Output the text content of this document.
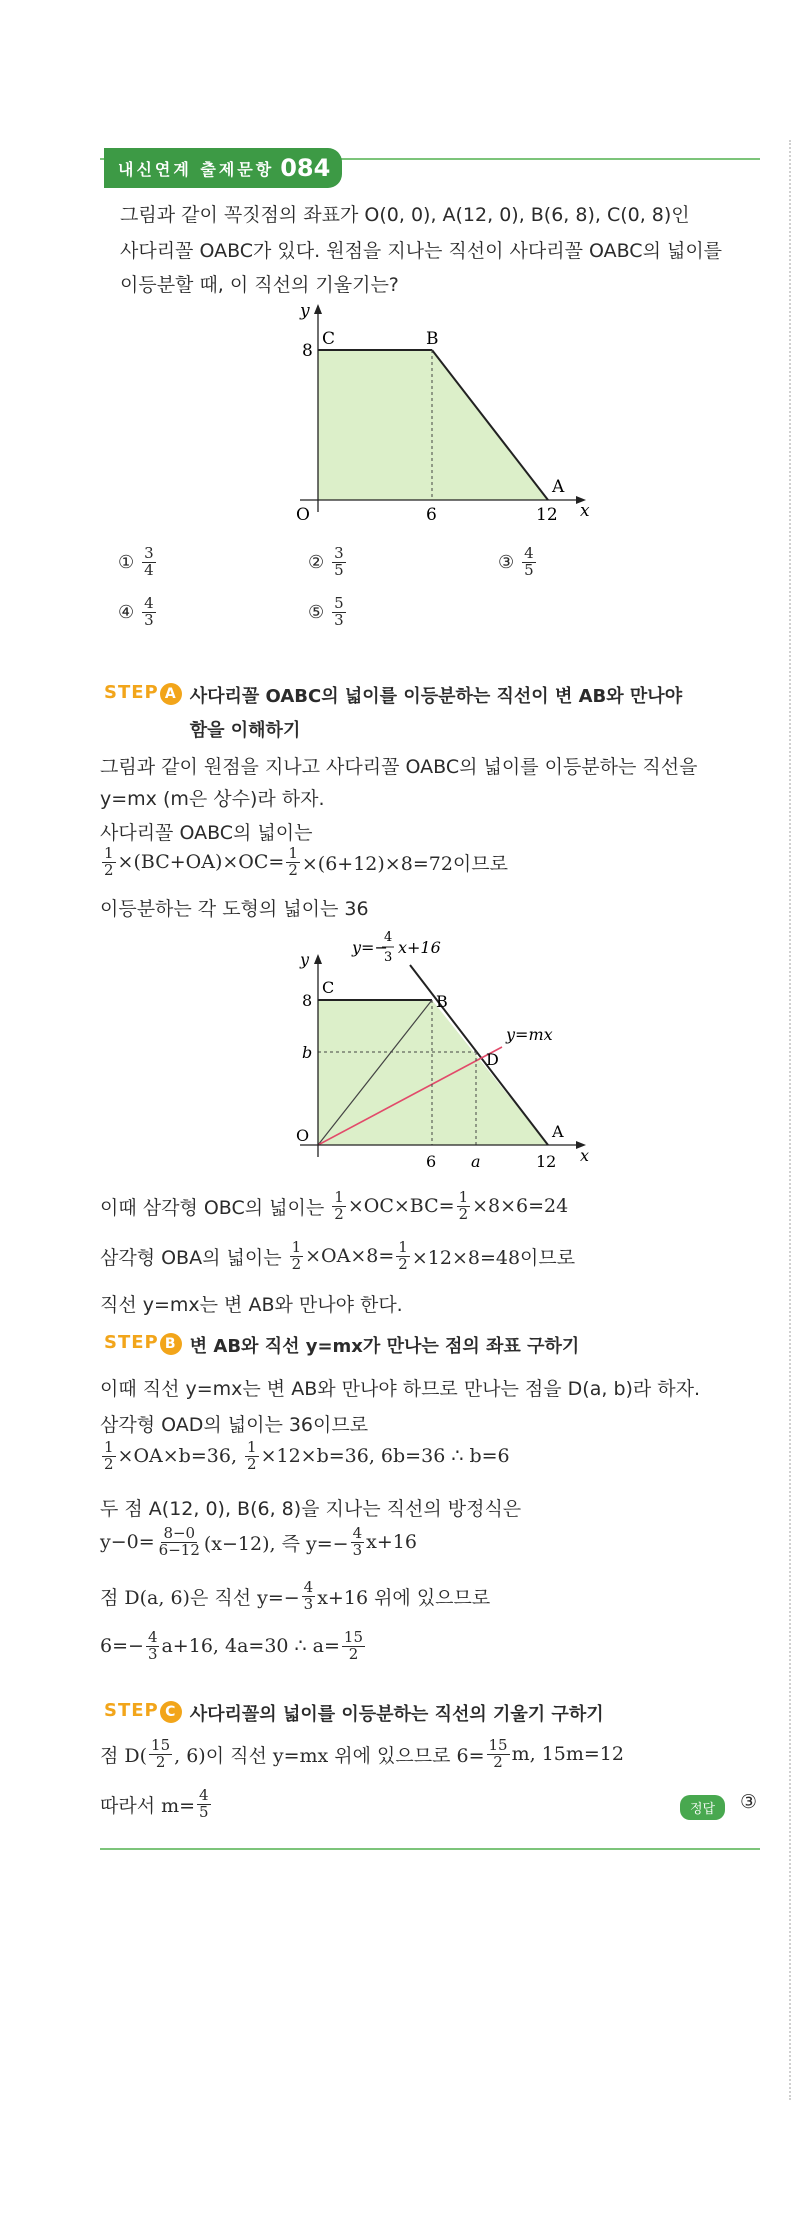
내신연계 출제문항 084
그림과 같이 꼭짓점의 좌표가 O(0, 0), A(12, 0), B(6, 8), C(0, 8)인
사다리꼴 OABC가 있다. 원점을 지나는 직선이 사다리꼴 OABC의 넓이를
이등분할 때, 이 직선의 기울기는?
y
x
C	B
A
O
8
6	12
① $\frac{3}{4}$	② $\frac{3}{5}$	③ $\frac{4}{5}$
④ $\frac{4}{3}$	⑤ $\frac{5}{3}$
STEP A 사다리꼴 OABC의 넓이를 이등분하는 직선이 변 AB와 만나야
함을 이해하기
그림과 같이 원점을 지나고 사다리꼴 OABC의 넓이를 이등분하는 직선을
y=mx (m은 상수)라 하자.
사다리꼴 OABC의 넓이는
$\frac{1}{2} \times(BC+OA)\times OC= \frac{1}{2} \times(6+12)\times 8=72$이므로
이등분하는 각 도형의 넓이는 36
y=−
4
3
x+16
y=mx
y
x
C
B
D
A
O
8
b
6 a	12
이때 삼각형 OBC의 넓이는
$\frac{1}{2} \times OC\times BC= \frac{1}{2} \times 8\times 6=24$
삼각형 OBA의 넓이는
$\frac{1}{2} \times OA\times 8= \frac{1}{2} \times 12\times 8=48$이므로
직선 y=mx는 변 AB와 만나야 한다.
STEP B 변 AB와 직선 y=mx가 만나는 점의 좌표 구하기
이때 직선 y=mx는 변 AB와 만나야 하므로 만나는 점을 D(a, b)라 하자.
삼각형 OAD의 넓이는 36이므로
$\frac{1}{2} \times OA\times b=36$,
$\frac{1}{2} \times 12\times b=36$, 6b=36 ∴ b=6
두 점 A(12, 0), B(6, 8)을 지나는 직선의 방정식은
$y-0= \frac{8-0}{6-12} (x-12)$, 즉 $y=- \frac{4}{3} x+16$
점 D(a, 6)은 직선 $y=- \frac{4}{3} x+16$ 위에 있으므로
$6=- \frac{4}{3} a+16$, 4a=30 ∴ $a= \frac{15}{2}$
STEP C 사다리꼴의 넓이를 이등분하는 직선의 기울기 구하기
점 $D( \frac{15}{2}$ , 6)이 직선 y=mx 위에 있으므로 $6= \frac{15}{2} m$, 15m=12
따라서 $m= \frac{4}{5}$	정답	③
